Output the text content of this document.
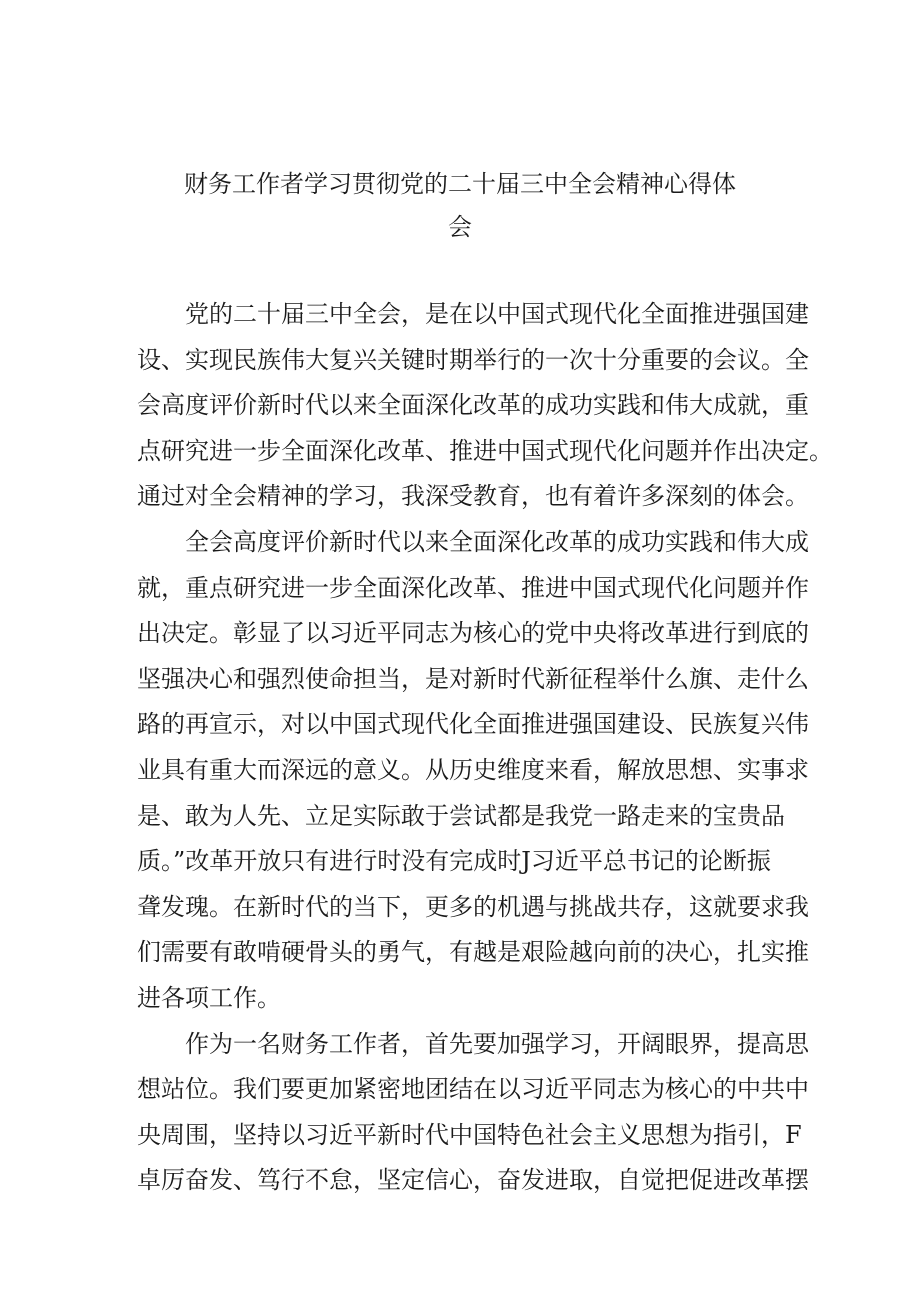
财务工作者学习贯彻党的二十届三中全会精神心得体
会
党的二十届三中全会，是在以中国式现代化全面推进强国建
设、实现民族伟大复兴关键时期举行的一次十分重要的会议。全
会高度评价新时代以来全面深化改革的成功实践和伟大成就，重
点研究进一步全面深化改革、推进中国式现代化问题并作出决定。
通过对全会精神的学习，我深受教育，也有着许多深刻的体会。
全会高度评价新时代以来全面深化改革的成功实践和伟大成
就，重点研究进一步全面深化改革、推进中国式现代化问题并作
出决定。彰显了以习近平同志为核心的党中央将改革进行到底的
坚强决心和强烈使命担当，是对新时代新征程举什么旗、走什么
路的再宣示，对以中国式现代化全面推进强国建设、民族复兴伟
业具有重大而深远的意义。从历史维度来看，解放思想、实事求
是、敢为人先、立足实际敢于尝试都是我党一路走来的宝贵品
质。”改革开放只有进行时没有完成时J习近平总书记的论断振
聋发瑰。在新时代的当下，更多的机遇与挑战共存，这就要求我
们需要有敢啃硬骨头的勇气，有越是艰险越向前的决心，扎实推
进各项工作。
作为一名财务工作者，首先要加强学习，开阔眼界，提高思
想站位。我们要更加紧密地团结在以习近平同志为核心的中共中
央周围，坚持以习近平新时代中国特色社会主义思想为指引，F
卓厉奋发、笃行不怠，坚定信心，奋发进取，自觉把促进改革摆
